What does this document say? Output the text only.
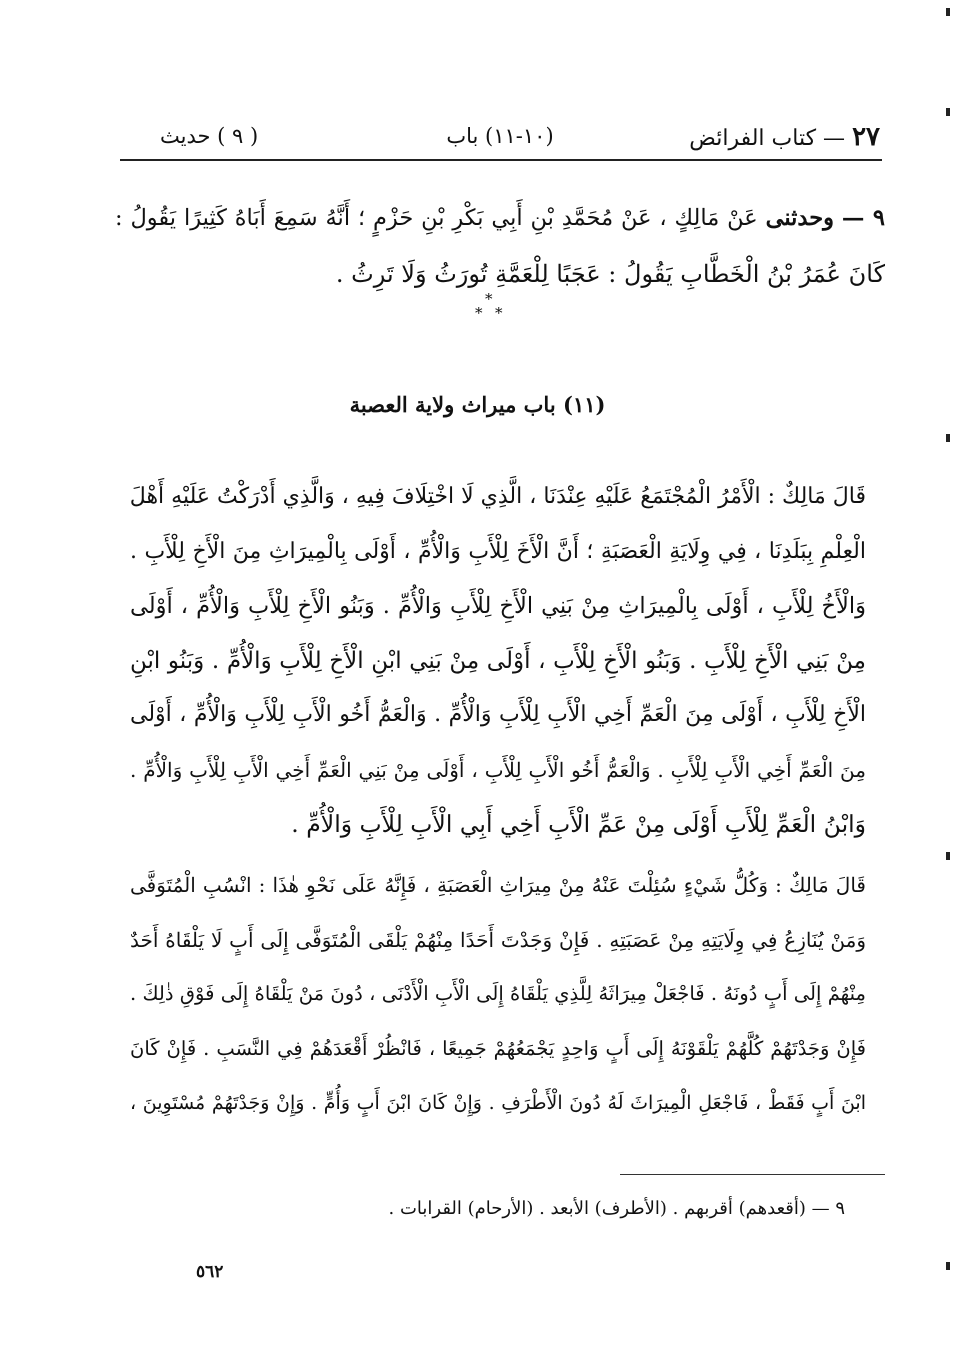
٢٧ — كتاب الفرائض
(١٠-١١) باب
( ٩ ) حديث
٩ — وحدثنى عَنْ مَالِكٍ ، عَنْ مُحَمَّدِ بْنِ أَبِي بَكْرِ بْنِ حَزْمٍ ؛ أَنَّهُ سَمِعَ أَبَاهُ كَثِيرًا يَقُولُ :
كَانَ عُمَرُ بْنُ الْخَطَّابِ يَقُولُ : عَجَبًا لِلْعَمَّةِ تُورَثُ وَلَا تَرِثُ .
*
* *
(١١) باب ميراث ولاية العصبة
قَالَ مَالِكٌ : الْأَمْرُ الْمُجْتَمَعُ عَلَيْهِ عِنْدَنَا ، الَّذِي لَا اخْتِلَافَ فِيهِ ، وَالَّذِي أَدْرَكْتُ عَلَيْهِ أَهْلَ
الْعِلْمِ بِبَلَدِنَا ، فِي وِلَايَةِ الْعَصَبَةِ ؛ أَنَّ الْأَخَ لِلْأَبِ وَالْأُمِّ ، أَوْلَى بِالْمِيرَاثِ مِنَ الْأَخِ لِلْأَبِ .
وَالْأَخُ لِلْأَبِ ، أَوْلَى بِالْمِيرَاثِ مِنْ بَنِي الْأَخِ لِلْأَبِ وَالْأُمِّ . وَبَنُو الْأَخِ لِلْأَبِ وَالْأُمِّ ، أَوْلَى
مِنْ بَنِي الْأَخِ لِلْأَبِ . وَبَنُو الْأَخِ لِلْأَبِ ، أَوْلَى مِنْ بَنِي ابْنِ الْأَخِ لِلْأَبِ وَالْأُمِّ . وَبَنُو ابْنِ
الْأَخِ لِلْأَبِ ، أَوْلَى مِنَ الْعَمِّ أَخِي الْأَبِ لِلْأَبِ وَالْأُمِّ . وَالْعَمُّ أَخُو الْأَبِ لِلْأَبِ وَالْأُمِّ ، أَوْلَى
مِنَ الْعَمِّ أَخِي الْأَبِ لِلْأَبِ . وَالْعَمُّ أَخُو الْأَبِ لِلْأَبِ ، أَوْلَى مِنْ بَنِي الْعَمِّ أَخِي الْأَبِ لِلْأَبِ وَالْأُمِّ .
وَابْنُ الْعَمِّ لِلْأَبِ أَوْلَى مِنْ عَمِّ الْأَبِ أَخِي أَبِي الْأَبِ لِلْأَبِ وَالْأُمِّ .
قَالَ مَالِكٌ : وَكُلُّ شَيْءٍ سُئِلْتَ عَنْهُ مِنْ مِيرَاثِ الْعَصَبَةِ ، فَإِنَّهُ عَلَى نَحْوِ هٰذَا : انْسُبِ الْمُتَوَفَّى
وَمَنْ يُنَازِعُ فِي وِلَايَتِهِ مِنْ عَصَبَتِهِ . فَإِنْ وَجَدْتَ أَحَدًا مِنْهُمْ يَلْقَى الْمُتَوَفَّى إِلَى أَبٍ لَا يَلْقَاهُ أَحَدٌ
مِنْهُمْ إِلَى أَبٍ دُونَهُ . فَاجْعَلْ مِيرَاثَهُ لِلَّذِي يَلْقَاهُ إِلَى الْأَبِ الْأَدْنَى ، دُونَ مَنْ يَلْقَاهُ إِلَى فَوْقِ ذٰلِكَ .
فَإِنْ وَجَدْتَهُمْ كُلَّهُمْ يَلْقَوْنَهُ إِلَى أَبٍ وَاحِدٍ يَجْمَعُهُمْ جَمِيعًا ، فَانْظُرْ أَقْعَدَهُمْ فِي النَّسَبِ . فَإِنْ كَانَ
ابْنَ أَبٍ فَقَطْ ، فَاجْعَلِ الْمِيرَاثَ لَهُ دُونَ الْأَطْرَفِ . وَإِنْ كَانَ ابْنَ أَبٍ وَأُمٍّ . وَإِنْ وَجَدْتَهُمْ مُسْتَوِينَ ،
٩ — (أقعدهم) أقربهم . (الأطرف) الأبعد . (الأرحام) القرابات .
٥٦٢
